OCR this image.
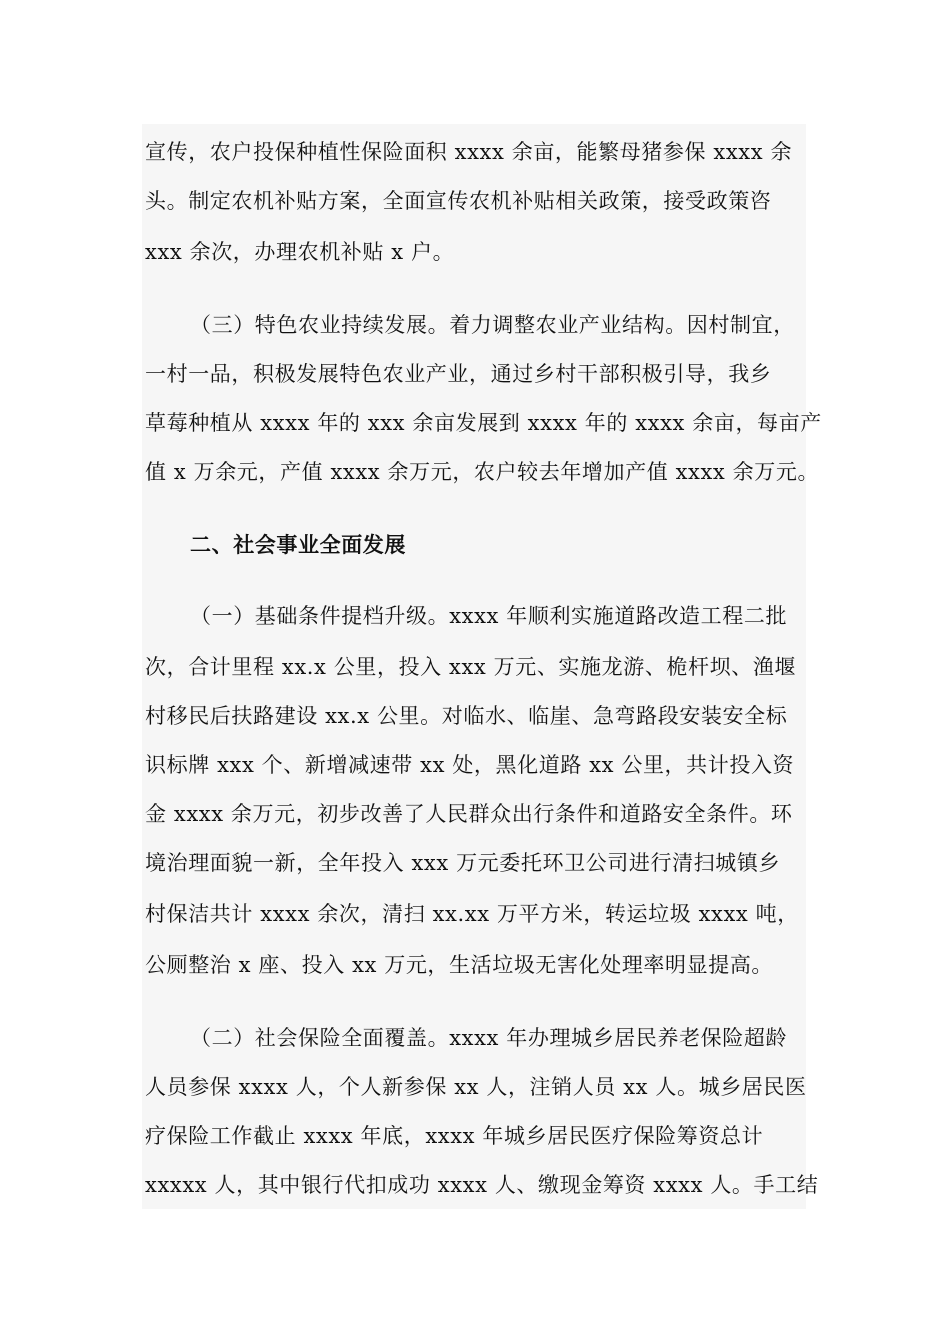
宣传，农户投保种植性保险面积 xxxx 余亩，能繁母猪参保 xxxx 余
头。制定农机补贴方案，全面宣传农机补贴相关政策，接受政策咨
xxx 余次，办理农机补贴 x 户。
（三）特色农业持续发展。着力调整农业产业结构。因村制宜，
一村一品，积极发展特色农业产业，通过乡村干部积极引导，我乡
草莓种植从 xxxx 年的 xxx 余亩发展到 xxxx 年的 xxxx 余亩，每亩产
值 x 万余元，产值 xxxx 余万元，农户较去年增加产值 xxxx 余万元。
二、社会事业全面发展
（一）基础条件提档升级。xxxx 年顺利实施道路改造工程二批
次，合计里程 xx.x 公里，投入 xxx 万元、实施龙游、桅杆坝、渔堰
村移民后扶路建设 xx.x 公里。对临水、临崖、急弯路段安装安全标
识标牌 xxx 个、新增减速带 xx 处，黑化道路 xx 公里，共计投入资
金 xxxx 余万元，初步改善了人民群众出行条件和道路安全条件。环
境治理面貌一新，全年投入 xxx 万元委托环卫公司进行清扫城镇乡
村保洁共计 xxxx 余次，清扫 xx.xx 万平方米，转运垃圾 xxxx 吨，
公厕整治 x 座、投入 xx 万元，生活垃圾无害化处理率明显提高。
（二）社会保险全面覆盖。xxxx 年办理城乡居民养老保险超龄
人员参保 xxxx 人，个人新参保 xx 人，注销人员 xx 人。城乡居民医
疗保险工作截止 xxxx 年底，xxxx 年城乡居民医疗保险筹资总计
xxxxx 人，其中银行代扣成功 xxxx 人、缴现金筹资 xxxx 人。手工结
